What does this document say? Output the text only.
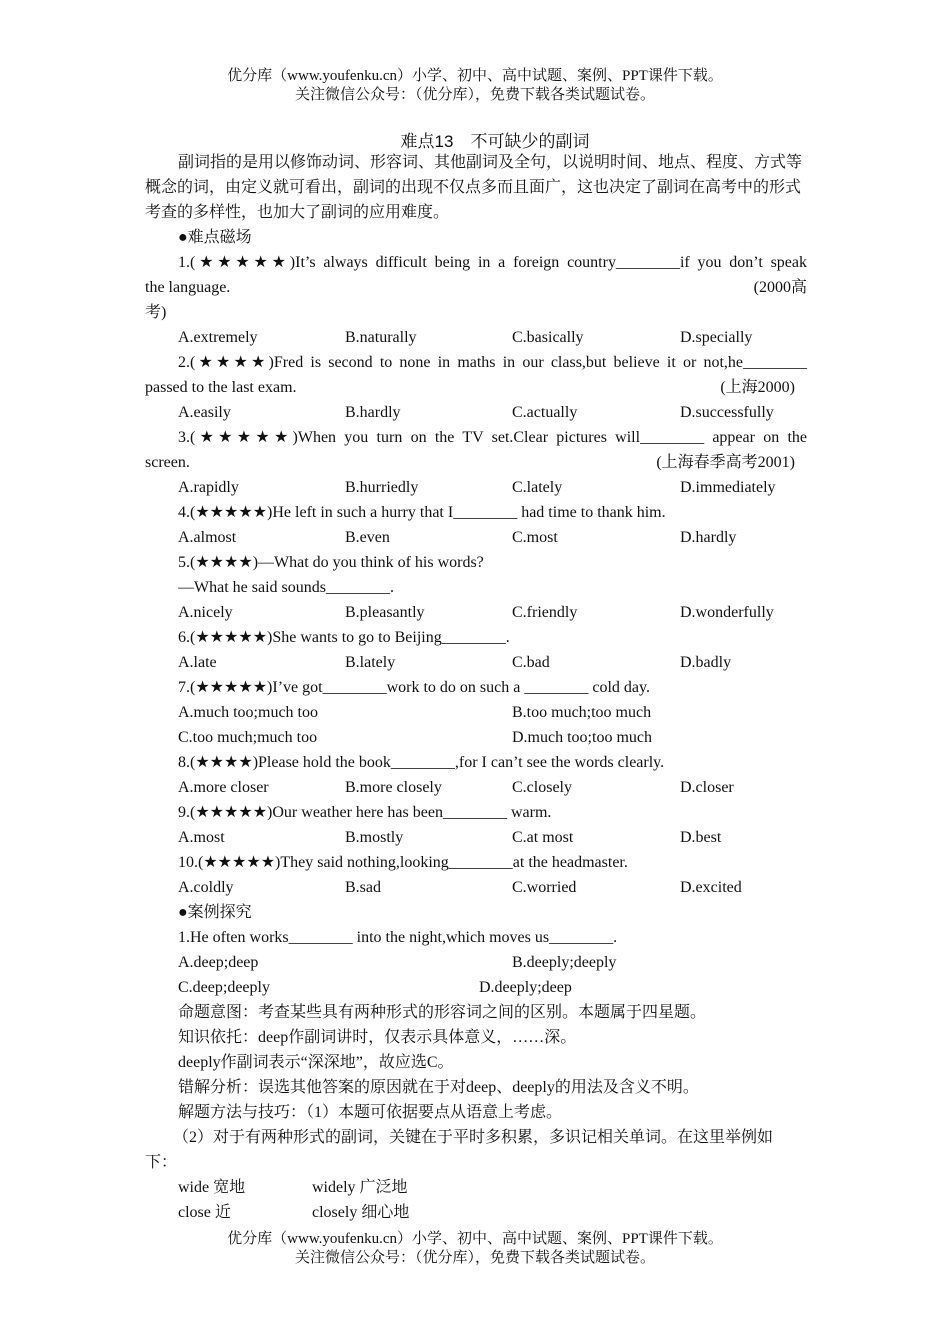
优分库（www.youfenku.cn）小学、初中、高中试题、案例、PPT课件下载。
关注微信公众号：（优分库），免费下载各类试题试卷。
难点13　不可缺少的副词
副词指的是用以修饰动词、形容词、其他副词及全句，以说明时间、地点、程度、方式等概念的词，由定义就可看出，副词的出现不仅点多而且面广，这也决定了副词在高考中的形式考查的多样性，也加大了副词的应用难度。
●难点磁场
1.(★★★★★)It’s always difficult being in a foreign country________if you don’t speak
the language.	(2000高
考)
A.extremely	B.naturally	C.basically	D.specially
2.(★★★★)Fred is second to none in maths in our class,but believe it or not,he________
passed to the last exam.	(上海2000)
A.easily	B.hardly	C.actually	D.successfully
3.(★★★★★)When you turn on the TV set.Clear pictures will________ appear on the
screen.	(上海春季高考2001)
A.rapidly	B.hurriedly	C.lately	D.immediately
4.(★★★★★)He left in such a hurry that I________ had time to thank him.
A.almost	B.even	C.most	D.hardly
5.(★★★★)—What do you think of his words?
—What he said sounds________.
A.nicely	B.pleasantly	C.friendly	D.wonderfully
6.(★★★★★)She wants to go to Beijing________.
A.late	B.lately	C.bad	D.badly
7.(★★★★★)I’ve got________work to do on such a ________ cold day.
A.much too;much too	B.too much;too much
C.too much;much too	D.much too;too much
8.(★★★★)Please hold the book________,for I can’t see the words clearly.
A.more closer	B.more closely	C.closely	D.closer
9.(★★★★★)Our weather here has been________ warm.
A.most	B.mostly	C.at most	D.best
10.(★★★★★)They said nothing,looking________at the headmaster.
A.coldly	B.sad	C.worried	D.excited
●案例探究
1.He often works________ into the night,which moves us________.
A.deep;deep	B.deeply;deeply
C.deep;deeply	D.deeply;deep
命题意图：考查某些具有两种形式的形容词之间的区别。本题属于四星题。
知识依托：deep作副词讲时，仅表示具体意义，……深。
deeply作副词表示“深深地”，故应选C。
错解分析：误选其他答案的原因就在于对deep、deeply的用法及含义不明。
解题方法与技巧：（1）本题可依据要点从语意上考虑。
（2）对于有两种形式的副词，关键在于平时多积累，多识记相关单词。在这里举例如
下：
wide 宽地	widely 广泛地
close 近	closely 细心地
优分库（www.youfenku.cn）小学、初中、高中试题、案例、PPT课件下载。
关注微信公众号：（优分库），免费下载各类试题试卷。
